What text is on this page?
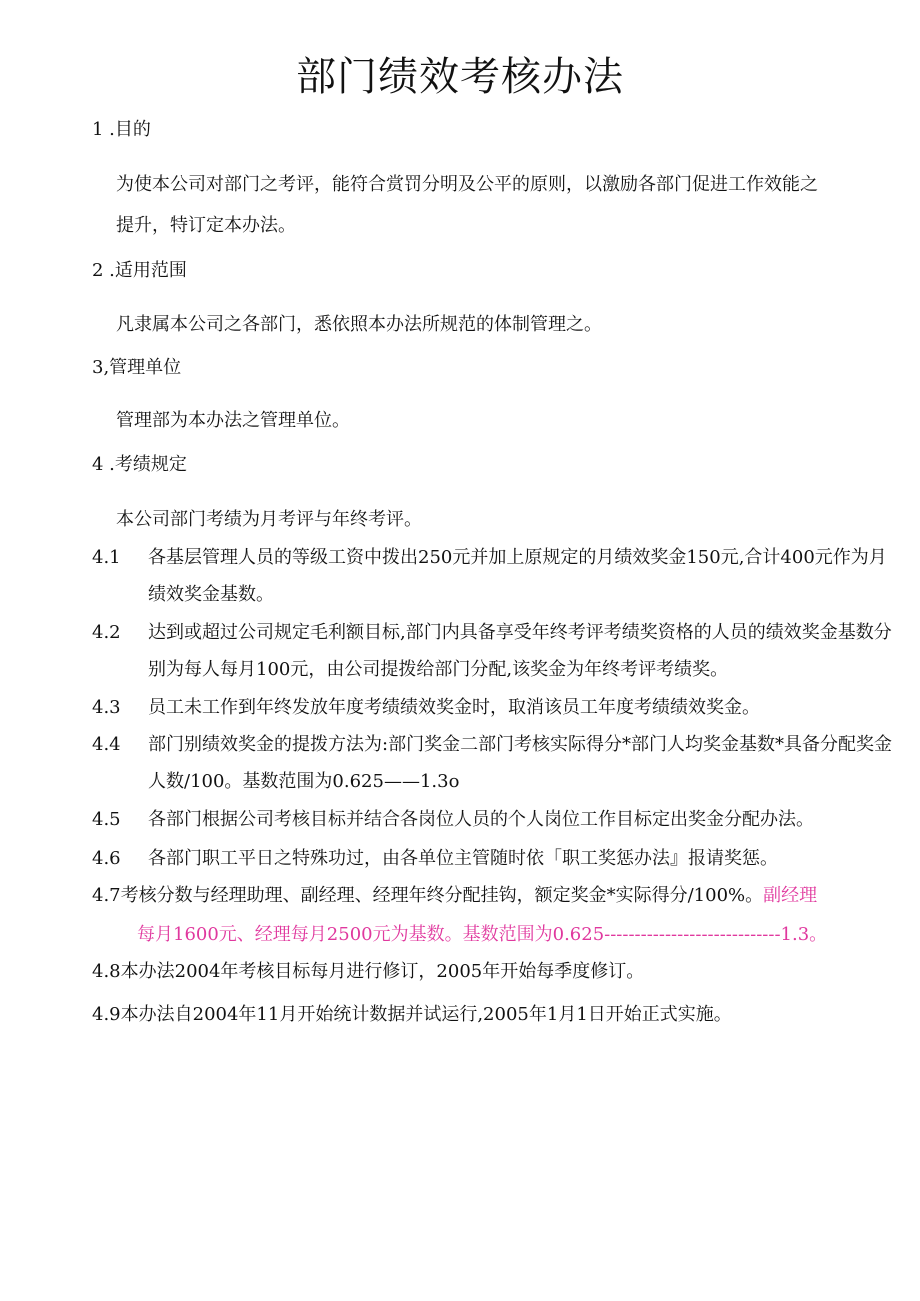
部门绩效考核办法
1 .目的
为使本公司对部门之考评，能符合赏罚分明及公平的原则，以激励各部门促进工作效能之
提升，特订定本办法。
2 .适用范围
凡隶属本公司之各部门，悉依照本办法所规范的体制管理之。
3,管理单位
管理部为本办法之管理单位。
4 .考绩规定
本公司部门考绩为月考评与年终考评。
4.1	各基层管理人员的等级工资中拨出250元并加上原规定的月绩效奖金150元,合计400元作为月绩效奖金基数。
4.2	达到或超过公司规定毛利额目标,部门内具备享受年终考评考绩奖资格的人员的绩效奖金基数分别为每人每月100元，由公司提拨给部门分配,该奖金为年终考评考绩奖。
4.3	员工未工作到年终发放年度考绩绩效奖金时，取消该员工年度考绩绩效奖金。
4.4	部门别绩效奖金的提拨方法为:部门奖金二部门考核实际得分*部门人均奖金基数*具备分配奖金人数/100。基数范围为0.625——1.3o
4.5	各部门根据公司考核目标并结合各岗位人员的个人岗位工作目标定出奖金分配办法。
4.6	各部门职工平日之特殊功过，由各单位主管随时依「职工奖惩办法』报请奖惩。
4.7考核分数与经理助理、副经理、经理年终分配挂钩，额定奖金*实际得分/100%。副经理
每月1600元、经理每月2500元为基数。基数范围为0.625-----------------------------1.3。
4.8本办法2004年考核目标每月进行修订，2005年开始每季度修订。
4.9本办法自2004年11月开始统计数据并试运行,2005年1月1日开始正式实施。
